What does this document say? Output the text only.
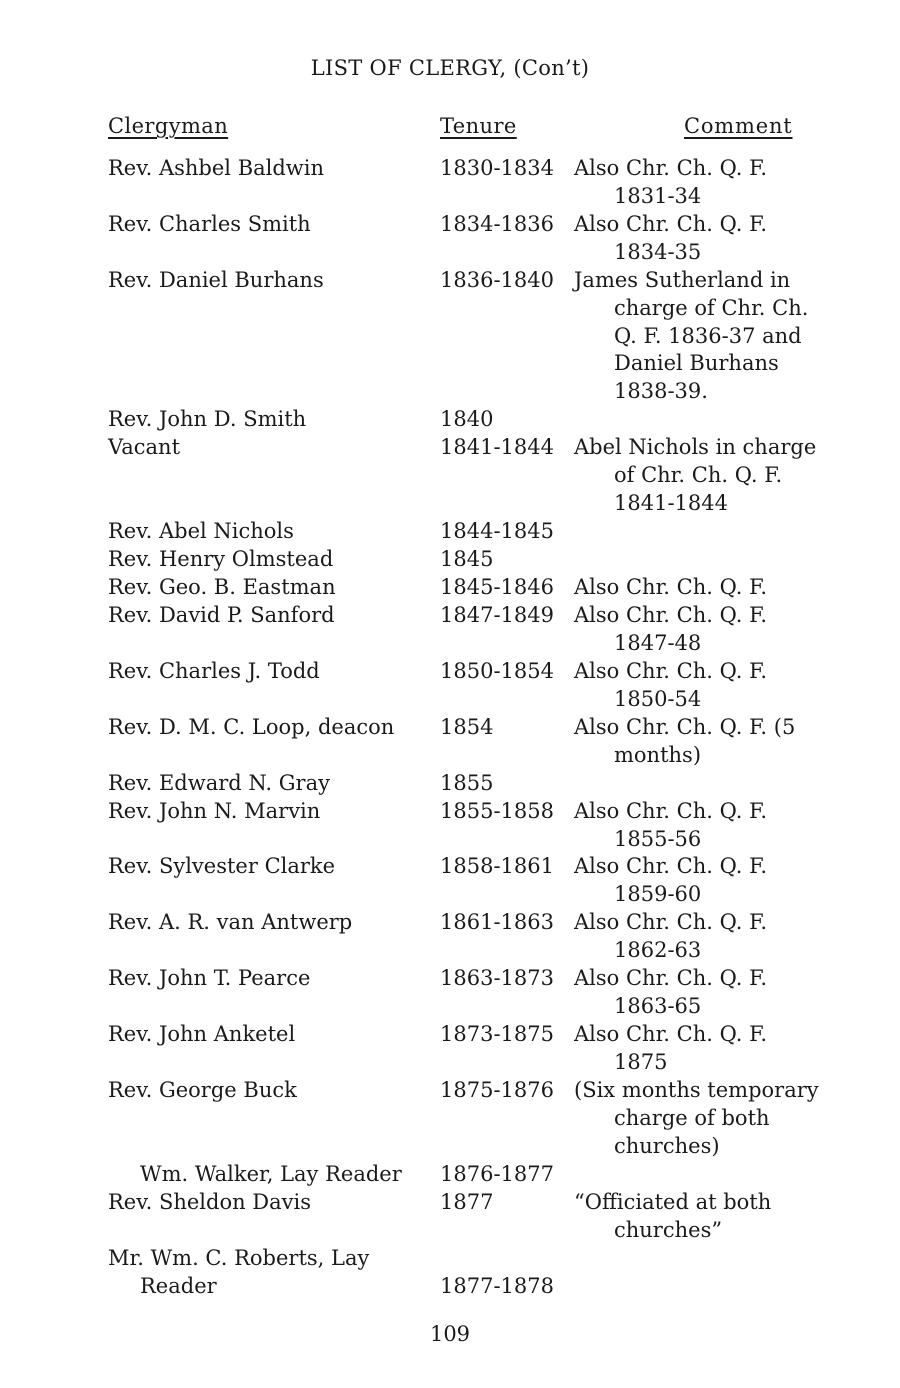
LIST OF CLERGY, (Con’t)
Clergyman	Tenure	Comment
Rev. Ashbel Baldwin	1830-1834 Also Chr. Ch. Q. F.
1831-34
Rev. Charles Smith	1834-1836 Also Chr. Ch. Q. F.
1834-35
Rev. Daniel Burhans	1836-1840 James Sutherland in
charge of Chr. Ch.
Q. F. 1836-37 and
Daniel Burhans
1838-39.
Rev. John D. Smith	1840
Vacant	1841-1844 Abel Nichols in charge
of Chr. Ch. Q. F.
1841-1844
Rev. Abel Nichols	1844-1845
Rev. Henry Olmstead	1845
Rev. Geo. B. Eastman	1845-1846 Also Chr. Ch. Q. F.
Rev. David P. Sanford	1847-1849 Also Chr. Ch. Q. F.
1847-48
Rev. Charles J. Todd	1850-1854 Also Chr. Ch. Q. F.
1850-54
Rev. D. M. C. Loop, deacon	1854	Also Chr. Ch. Q. F. (5
months)
Rev. Edward N. Gray	1855
Rev. John N. Marvin	1855-1858 Also Chr. Ch. Q. F.
1855-56
Rev. Sylvester Clarke	1858-1861 Also Chr. Ch. Q. F.
1859-60
Rev. A. R. van Antwerp	1861-1863 Also Chr. Ch. Q. F.
1862-63
Rev. John T. Pearce	1863-1873 Also Chr. Ch. Q. F.
1863-65
Rev. John Anketel	1873-1875 Also Chr. Ch. Q. F.
1875
Rev. George Buck	1875-1876 (Six months temporary
charge of both
churches)
Wm. Walker, Lay Reader	1876-1877
Rev. Sheldon Davis	1877	“Officiated at both
churches”
Mr. Wm. C. Roberts, Lay
Reader	1877-1878
109
